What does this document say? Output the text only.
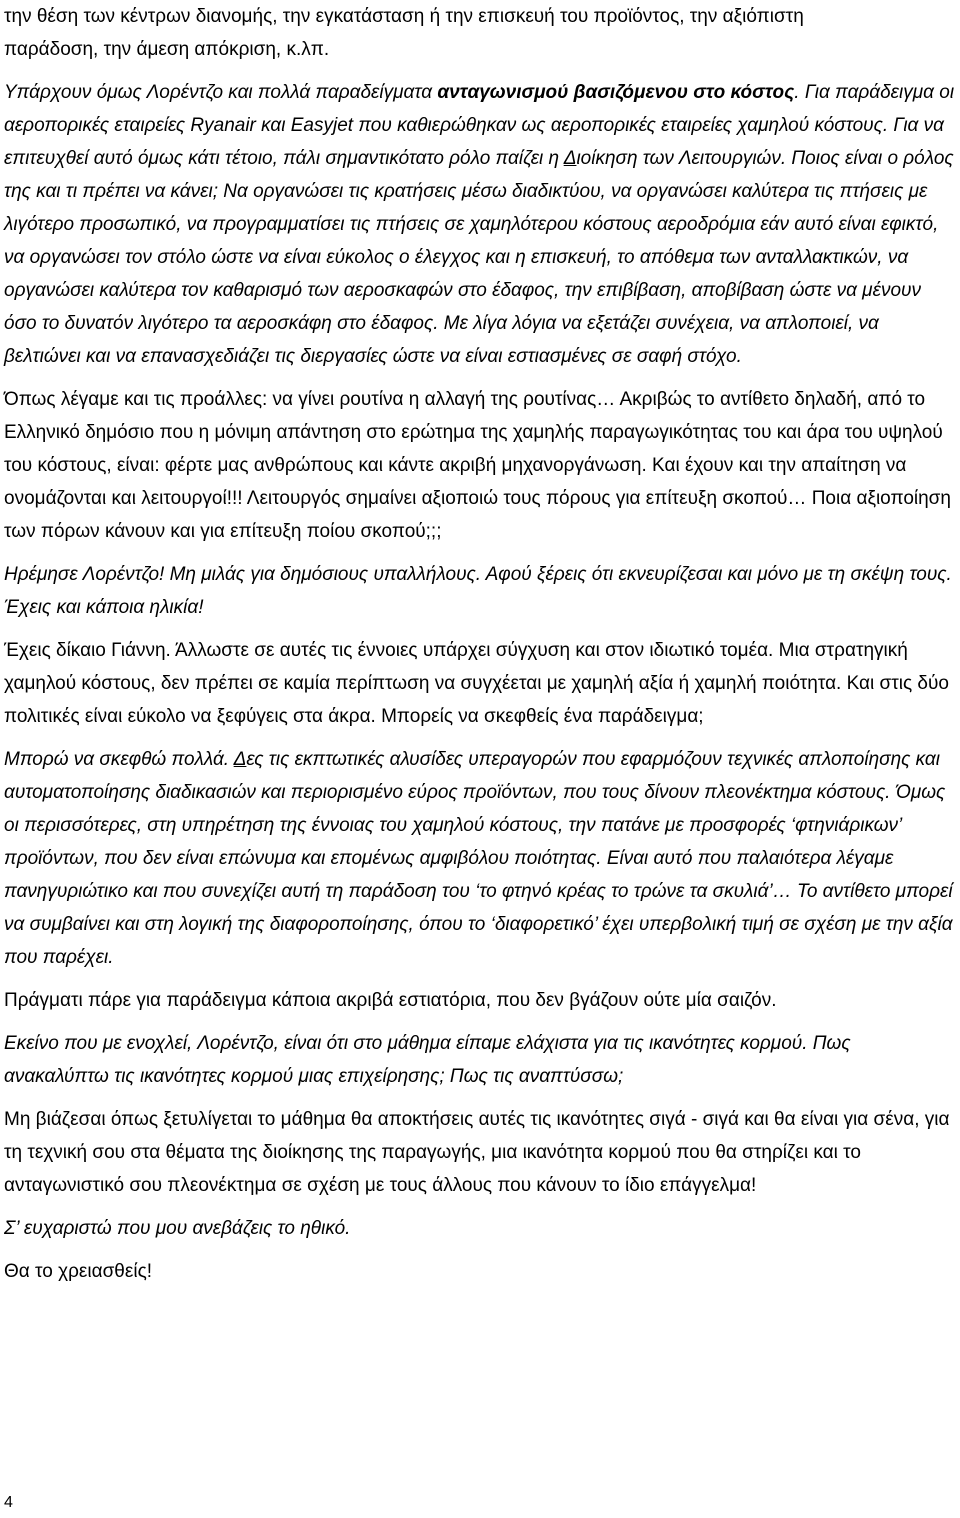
την θέση των κέντρων διανομής, την εγκατάσταση ή την επισκευή του προϊόντος, την αξιόπιστη
παράδοση, την άμεση απόκριση, κ.λπ.

Υπάρχουν όμως Λορέντζο και πολλά παραδείγματα ανταγωνισμού βασιζόμενου στο κόστος. Για παράδειγμα οι αεροπορικές εταιρείες Ryanair και Easyjet που καθιερώθηκαν ως αεροπορικές εταιρείες χαμηλού κόστους. Για να επιτευχθεί αυτό όμως κάτι τέτοιο, πάλι σημαντικότατο ρόλο παίζει η Διοίκηση των Λειτουργιών. Ποιος είναι ο ρόλος της και τι πρέπει να κάνει; Να οργανώσει τις κρατήσεις μέσω διαδικτύου, να οργανώσει καλύτερα τις πτήσεις με λιγότερο προσωπικό, να προγραμματίσει τις πτήσεις σε χαμηλότερου κόστους αεροδρόμια εάν αυτό είναι εφικτό, να οργανώσει τον στόλο ώστε να είναι εύκολος ο έλεγχος και η επισκευή, το απόθεμα των ανταλλακτικών, να οργανώσει καλύτερα τον καθαρισμό των αεροσκαφών στο έδαφος, την επιβίβαση, αποβίβαση ώστε να μένουν όσο το δυνατόν λιγότερο τα αεροσκάφη στο έδαφος. Με λίγα λόγια να εξετάζει συνέχεια, να απλοποιεί, να βελτιώνει και να επανασχεδιάζει τις διεργασίες ώστε να είναι εστιασμένες σε σαφή στόχο.

Όπως λέγαμε και τις προάλλες: να γίνει ρουτίνα η αλλαγή της ρουτίνας… Ακριβώς το αντίθετο δηλαδή, από το Ελληνικό δημόσιο που η μόνιμη απάντηση στο ερώτημα της χαμηλής παραγωγικότητας του και άρα του υψηλού του κόστους, είναι: φέρτε μας ανθρώπους και κάντε ακριβή μηχανοργάνωση. Και έχουν και την απαίτηση να ονομάζονται και λειτουργοί!!! Λειτουργός σημαίνει αξιοποιώ τους πόρους για επίτευξη σκοπού… Ποια αξιοποίηση των πόρων κάνουν και για επίτευξη ποίου σκοπού;;;

Ηρέμησε Λορέντζο! Μη μιλάς για δημόσιους υπαλλήλους. Αφού ξέρεις ότι εκνευρίζεσαι και μόνο με τη σκέψη τους. Έχεις και κάποια ηλικία!

Έχεις δίκαιο Γιάννη. Άλλωστε σε αυτές τις έννοιες υπάρχει σύγχυση και στον ιδιωτικό τομέα. Μια στρατηγική χαμηλού κόστους, δεν πρέπει σε καμία περίπτωση να συγχέεται με χαμηλή αξία ή χαμηλή ποιότητα. Και στις δύο πολιτικές είναι εύκολο να ξεφύγεις στα άκρα. Μπορείς να σκεφθείς ένα παράδειγμα;

Μπορώ να σκεφθώ πολλά. Δες τις εκπτωτικές αλυσίδες υπεραγορών που εφαρμόζουν τεχνικές απλοποίησης και αυτοματοποίησης διαδικασιών και περιορισμένο εύρος προϊόντων, που τους δίνουν πλεονέκτημα κόστους. Όμως οι περισσότερες, στη υπηρέτηση της έννοιας του χαμηλού κόστους, την πατάνε με προσφορές ‘φτηνιάρικων’ προϊόντων, που δεν είναι επώνυμα και επομένως αμφιβόλου ποιότητας. Είναι αυτό που παλαιότερα λέγαμε πανηγυριώτικο και που συνεχίζει αυτή τη παράδοση του ‘το φτηνό κρέας το τρώνε τα σκυλιά’… Το αντίθετο μπορεί να συμβαίνει και στη λογική της διαφοροποίησης, όπου το ‘διαφορετικό’ έχει υπερβολική τιμή σε σχέση με την αξία που παρέχει.

Πράγματι πάρε για παράδειγμα κάποια ακριβά εστιατόρια, που δεν βγάζουν ούτε μία σαιζόν.

Εκείνο που με ενοχλεί, Λορέντζο, είναι ότι στο μάθημα είπαμε ελάχιστα για τις ικανότητες κορμού. Πως ανακαλύπτω τις ικανότητες κορμού μιας επιχείρησης; Πως τις αναπτύσσω;

Μη βιάζεσαι όπως ξετυλίγεται το μάθημα θα αποκτήσεις αυτές τις ικανότητες σιγά - σιγά και θα είναι για σένα, για τη τεχνική σου στα θέματα της διοίκησης της παραγωγής, μια ικανότητα κορμού που θα στηρίζει και το ανταγωνιστικό σου πλεονέκτημα σε σχέση με τους άλλους που κάνουν το ίδιο επάγγελμα!

Σ’ ευχαριστώ που μου ανεβάζεις το ηθικό.

Θα το χρειασθείς!

4
